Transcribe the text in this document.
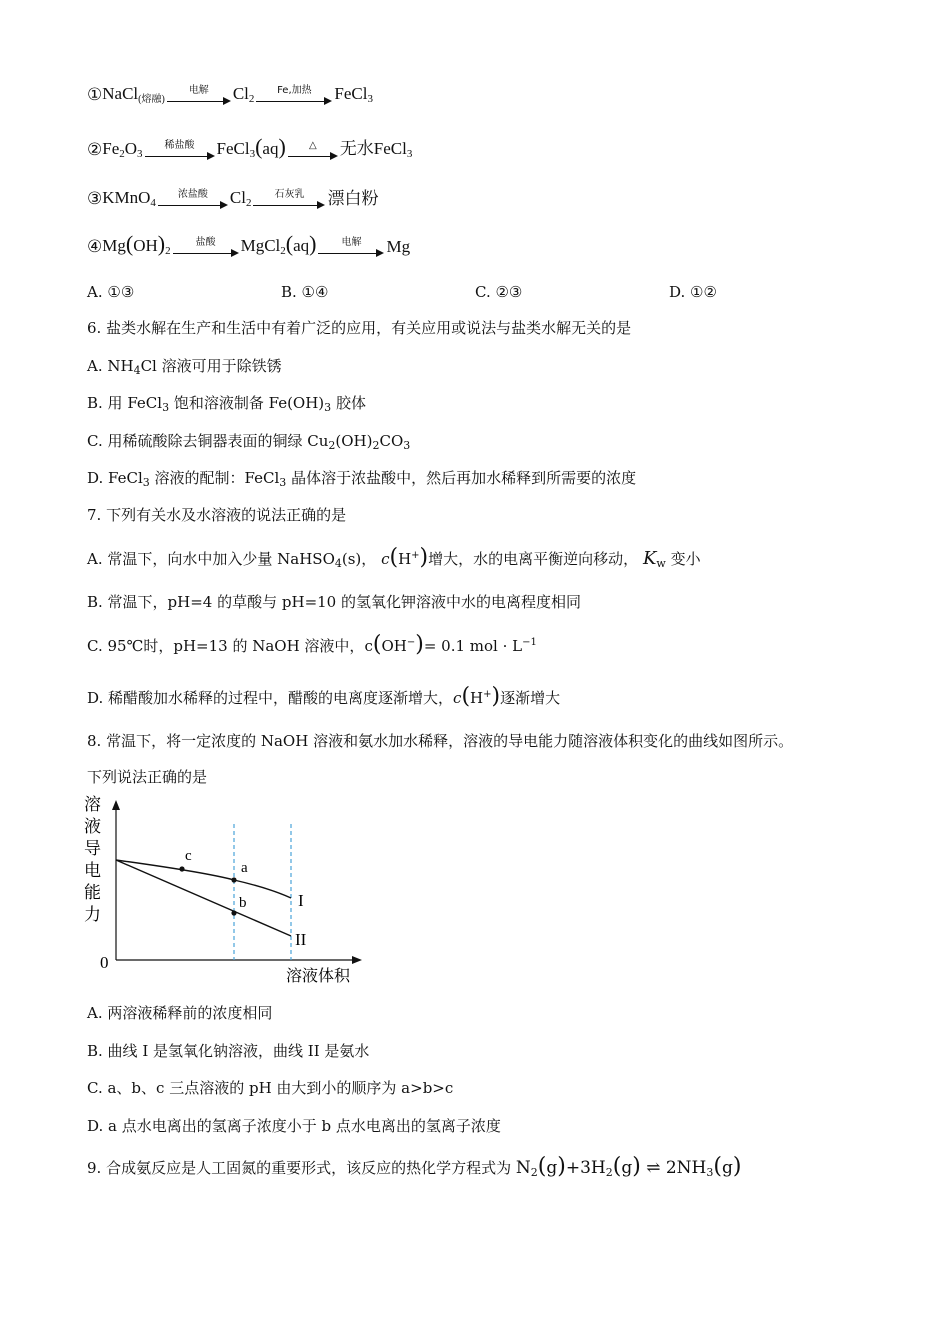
① NaCl$_{(熔融)}$
电解 $Cl_2$
Fe,加热 FeCl$_3$
② $Fe_2O_3$
稀盐酸 FeCl$_3$(aq) △ 无水FeCl$_3$
③ KMnO$_4$
浓盐酸 $Cl_2$
石灰乳 漂白粉
④ $Mg(OH)_2$
盐酸 MgCl$_2$(aq)	电解 Mg
A. ①③	B. ①④	C. ②③	D. ①②
6. 盐类水解在生产和生活中有着广泛的应用，有关应用或说法与盐类水解无关的是
A. $NH_4Cl$ 溶液可用于除铁锈
B. 用 FeCl$_3$ 饱和溶液制备 $Fe(OH)_3$ 胶体
C. 用稀硫酸除去铜器表面的铜绿 $Cu_2(OH)_2CO_3$
D. FeCl$_3$ 溶液的配制：FeCl$_3$ 晶体溶于浓盐酸中，然后再加水稀释到所需要的浓度
7. 下列有关水及水溶液的说法正确的是
A. 常温下，向水中加入少量 NaHSO$_4$(s)， c(H+)增大，水的电离平衡逆向移动， $K_w$ 变小
B. 常温下，pH=4 的草酸与 pH=10 的氢氧化钾溶液中水的电离程度相同
C. 95℃时，pH=13 的 NaOH 溶液中，c(OH−)= 0.1 mol · $L^{-1}$
D. 稀醋酸加水稀释的过程中，醋酸的电离度逐渐增大，c(H+)逐渐增大
8. 常温下，将一定浓度的 NaOH 溶液和氨水加水稀释，溶液的导电能力随溶液体积变化的曲线如图所示。
下列说法正确的是
溶
液
导
电
能
力
0
溶液体积
c
a
b	I
II
A. 两溶液稀释前的浓度相同
B. 曲线 I 是氢氧化钠溶液，曲线 II 是氨水
C. a、b、c 三点溶液的 pH 由大到小的顺序为 a>b>c
D. a 点水电离出的氢离子浓度小于 b 点水电离出的氢离子浓度
9. 合成氨反应是人工固氮的重要形式，该反应的热化学方程式为 $N_2(g)+3H_2(g)$ ⇌ $2NH_3(g)$
